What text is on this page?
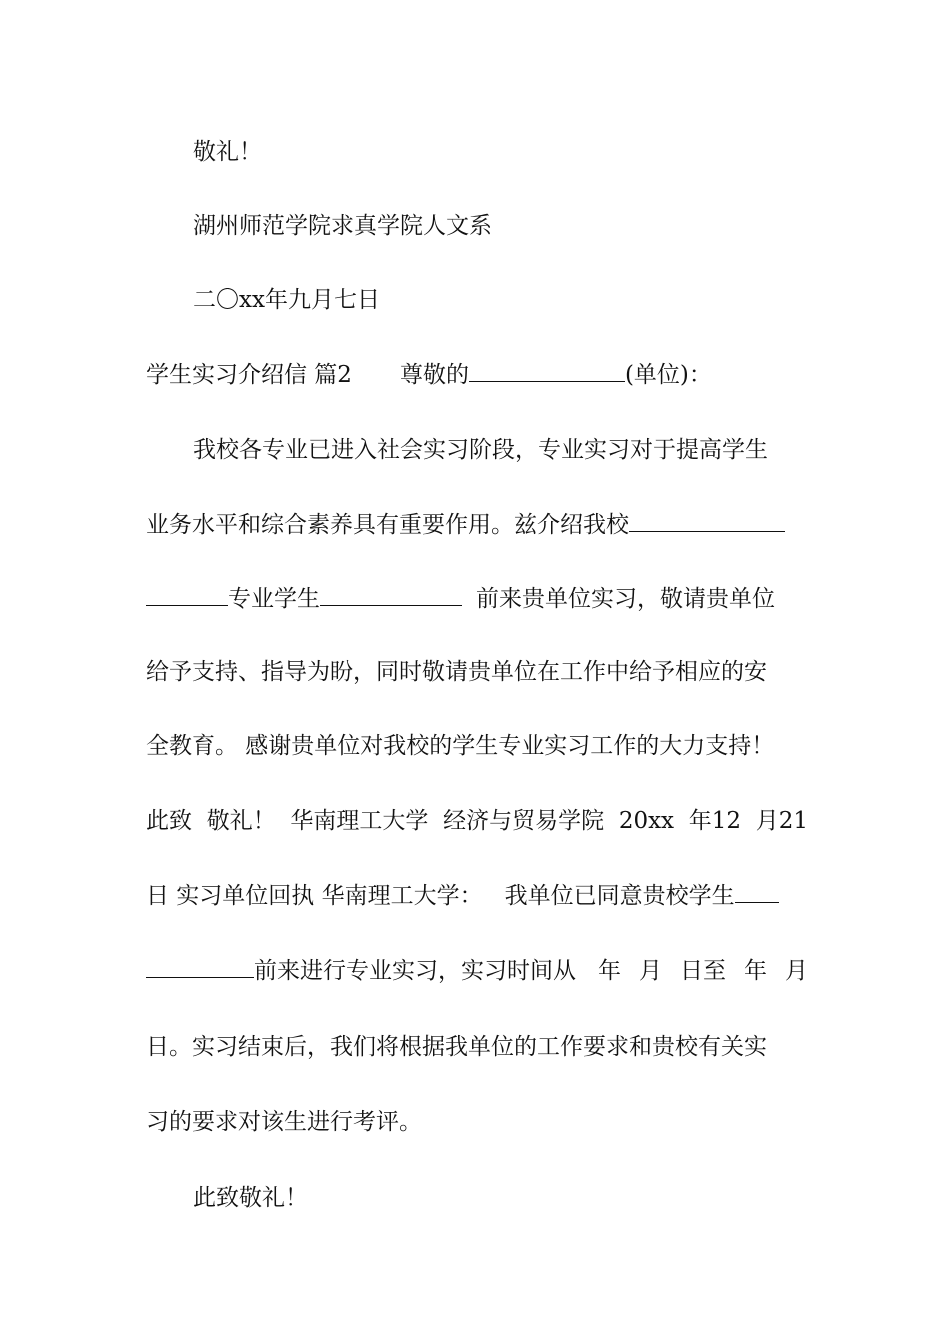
敬礼！
湖州师范学院求真学院人文系
二〇xx年九月七日
学生实习介绍信 篇2 尊敬的	(单位)：
我校各专业已进入社会实习阶段，专业实习对于提高学生
业务水平和综合素养具有重要作用。兹介绍我校
专业学生	前来贵单位实习，敬请贵单位
给予支持、指导为盼，同时敬请贵单位在工作中给予相应的安
全教育。 感谢贵单位对我校的学生专业实习工作的大力支持！
此致 敬礼！ 华南理工大学 经济与贸易学院 20xx 年12 月21
日 实习单位回执 华南理工大学： 我单位已同意贵校学生
前来进行专业实习，实习时间从 年 月 日至 年 月
日。实习结束后，我们将根据我单位的工作要求和贵校有关实
习的要求对该生进行考评。
此致敬礼！
